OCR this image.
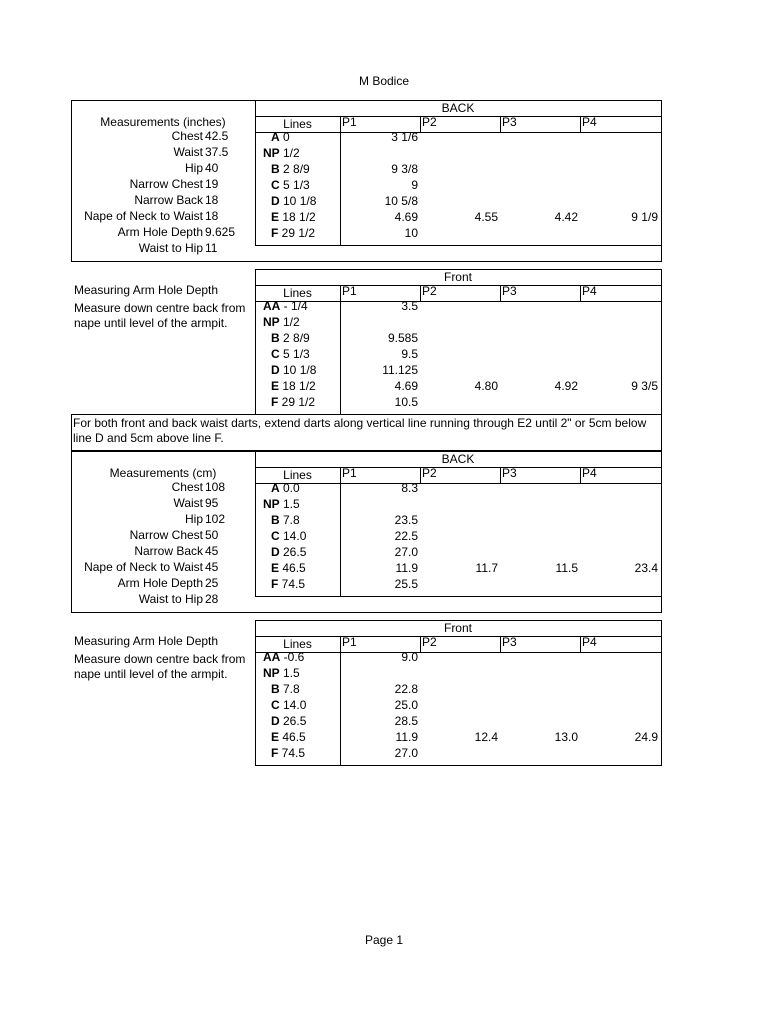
M Bodice
BACK
Lines	P1	P2	P3	P4
A 0	3 1/6
NP 1/2
B 2 8/9	9 3/8
C 5 1/3	9
D 10 1/8	10 5/8
E 18 1/2	4.69	4.55	4.42	9 1/9
F 29 1/2	10
Measurements (inches)
Chest 42.5
Waist 37.5
Hip 40
Narrow Chest 19
Narrow Back 18
Nape of Neck to Waist 18
Arm Hole Depth 9.625
Waist to Hip 11
Front
Lines	P1	P2	P3	P4
AA - 1/4	3.5
NP 1/2
B 2 8/9	9.585
C 5 1/3	9.5
D 10 1/8	11.125
E 18 1/2	4.69	4.80	4.92	9 3/5
F 29 1/2	10.5
Measuring Arm Hole Depth
Measure down centre back from nape until level of the armpit.
For both front and back waist darts, extend darts along vertical line running through E2 until 2" or 5cm below line D and 5cm above line F.
BACK
Lines	P1	P2	P3	P4
A 0.0	8.3
NP 1.5
B 7.8	23.5
C 14.0	22.5
D 26.5	27.0
E 46.5	11.9	11.7	11.5	23.4
F 74.5	25.5
Measurements (cm)
Chest 108
Waist 95
Hip 102
Narrow Chest 50
Narrow Back 45
Nape of Neck to Waist 45
Arm Hole Depth 25
Waist to Hip 28
Front
Lines	P1	P2	P3	P4
AA -0.6	9.0
NP 1.5
B 7.8	22.8
C 14.0	25.0
D 26.5	28.5
E 46.5	11.9	12.4	13.0	24.9
F 74.5	27.0
Measuring Arm Hole Depth
Measure down centre back from nape until level of the armpit.
Page 1
